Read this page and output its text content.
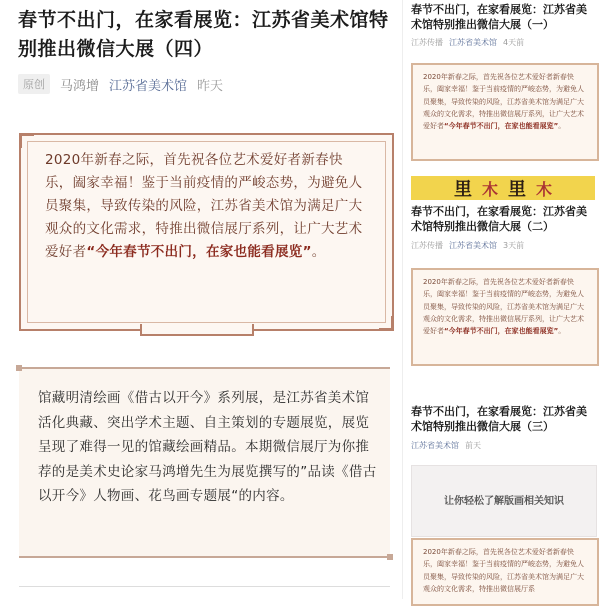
春节不出门，在家看展览：江苏省美术馆特别推出微信大展（四）
原创	马鸿增 江苏省美术馆 昨天
2020年新春之际，首先祝各位艺术爱好者新春快乐，阖家幸福！鉴于当前疫情的严峻态势，为避免人员聚集，导致传染的风险，江苏省美术馆为满足广大观众的文化需求，特推出微信展厅系列，让广大艺术爱好者“今年春节不出门，在家也能看展览”。
馆藏明清绘画《借古以开今》系列展，是江苏省美术馆活化典藏、突出学术主题、自主策划的专题展览，展览呈现了难得一见的馆藏绘画精品。本期微信展厅为你推荐的是美术史论家马鸿增先生为展览撰写的”品读《借古以开今》人物画、花鸟画专题展“的内容。
春节不出门，在家看展览：江苏省美术馆特别推出微信大展（一）
江苏传播 江苏省美术馆 4天前
2020年新春之际，首先祝各位艺术爱好者新春快乐，阖家幸福！鉴于当前疫情的严峻态势，为避免人员聚集，导致传染的风险，江苏省美术馆为满足广大观众的文化需求，特推出微信展厅系列，让广大艺术爱好者“今年春节不出门，在家也能看展览”。
里 木 里 木
春节不出门，在家看展览：江苏省美术馆特别推出微信大展（二）
江苏传播 江苏省美术馆 3天前
2020年新春之际，首先祝各位艺术爱好者新春快乐，阖家幸福！鉴于当前疫情的严峻态势，为避免人员聚集，导致传染的风险，江苏省美术馆为满足广大观众的文化需求，特推出微信展厅系列，让广大艺术爱好者“今年春节不出门，在家也能看展览”。
春节不出门，在家看展览：江苏省美术馆特别推出微信大展（三）
江苏省美术馆 前天
让你轻松了解版画相关知识
2020年新春之际，首先祝各位艺术爱好者新春快乐，阖家幸福！鉴于当前疫情的严峻态势，为避免人员聚集，导致传染的风险，江苏省美术馆为满足广大观众的文化需求，特推出微信展厅系
